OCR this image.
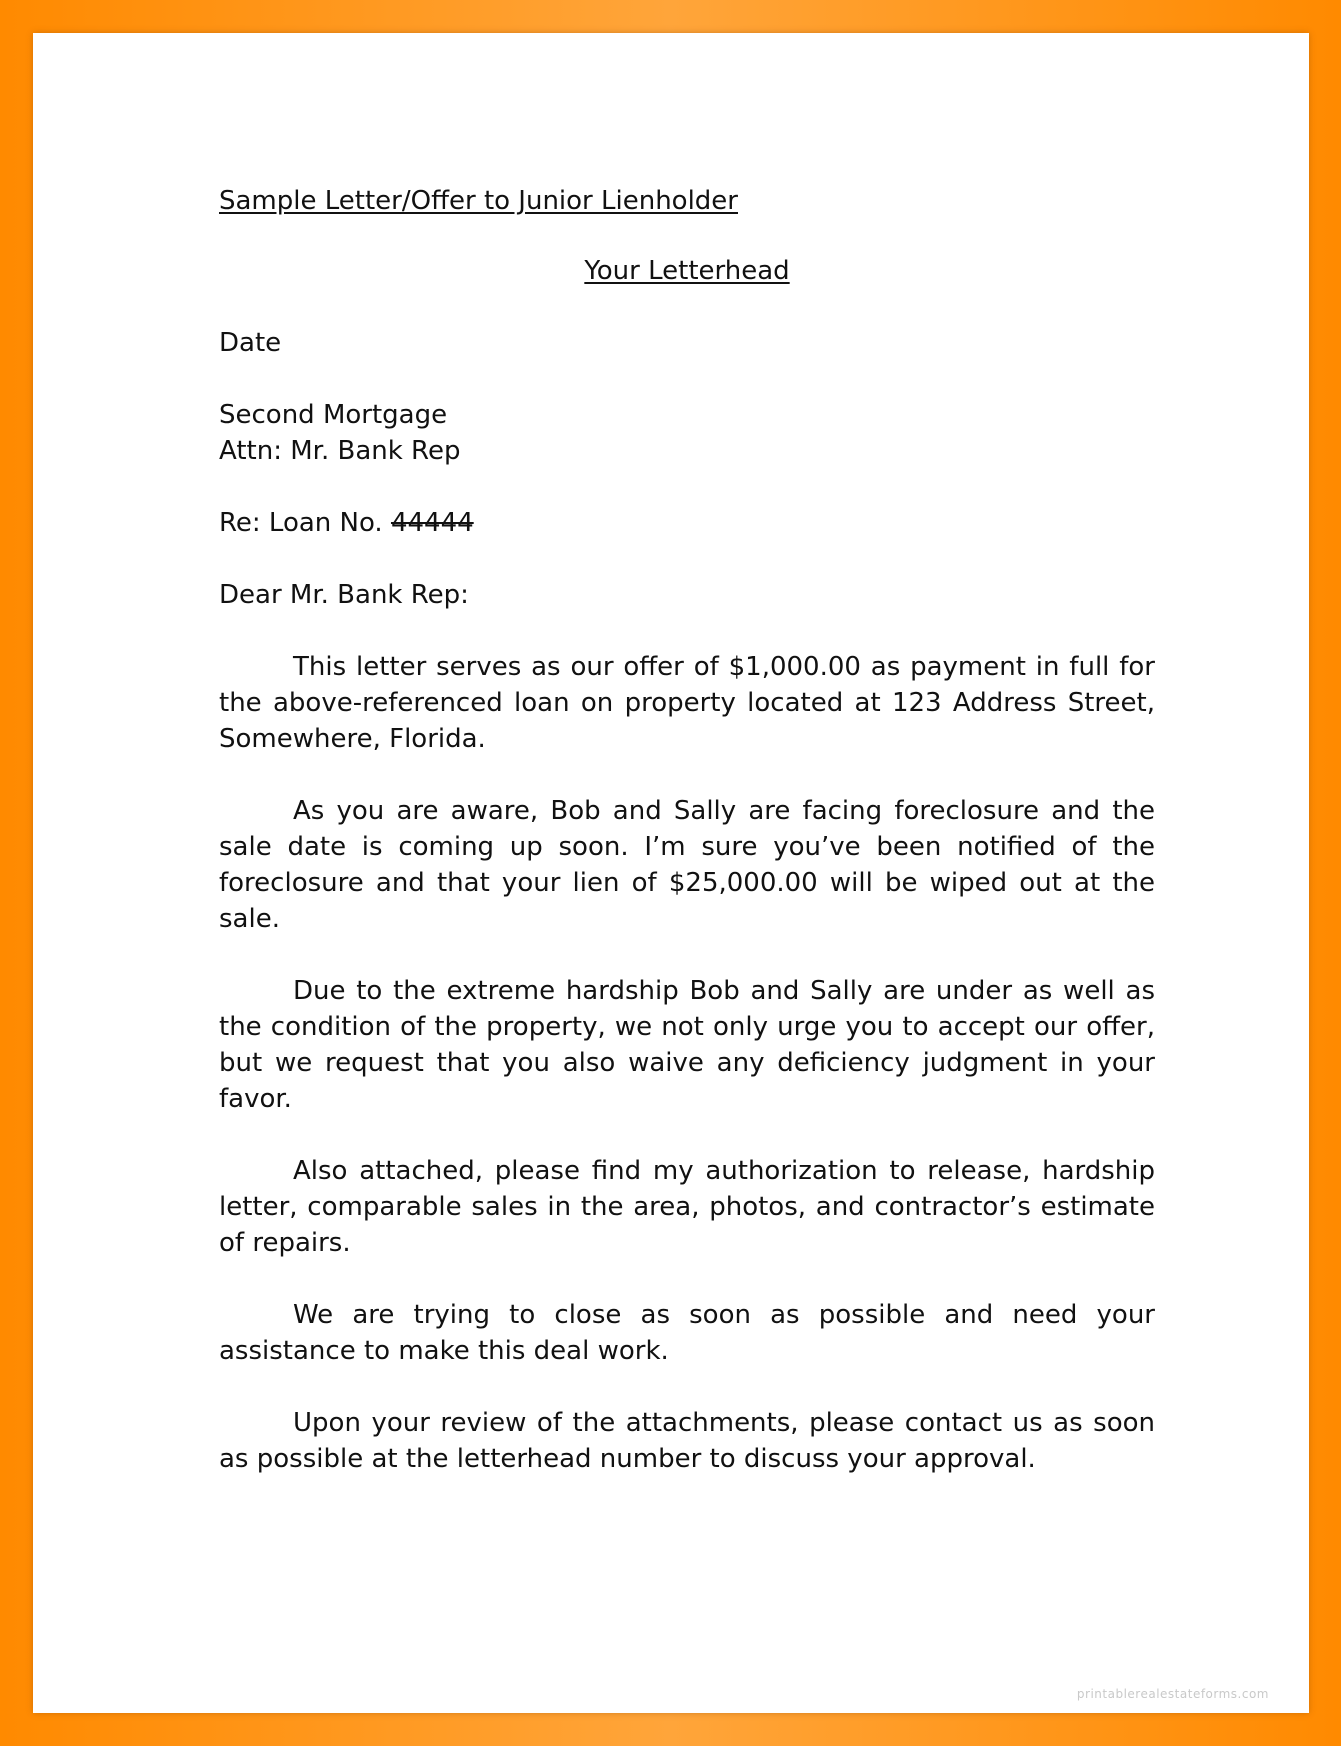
Sample Letter/Offer to Junior Lienholder
Your Letterhead
Date
Second Mortgage
Attn: Mr. Bank Rep
Re: Loan No. 44444
Dear Mr. Bank Rep:

This letter serves as our offer of $1,000.00 as payment in full for the above-referenced loan on property located at 123 Address Street, Somewhere, Florida.

As you are aware, Bob and Sally are facing foreclosure and the sale date is coming up soon. I’m sure you’ve been notified of the foreclosure and that your lien of $25,000.00 will be wiped out at the sale.

Due to the extreme hardship Bob and Sally are under as well as the condition of the property, we not only urge you to accept our offer, but we request that you also waive any deficiency judgment in your favor.

Also attached, please find my authorization to release, hardship letter, comparable sales in the area, photos, and contractor’s estimate of repairs.

We are trying to close as soon as possible and need your assistance to make this deal work.

Upon your review of the attachments, please contact us as soon as possible at the letterhead number to discuss your approval.

printablerealestateforms.com
